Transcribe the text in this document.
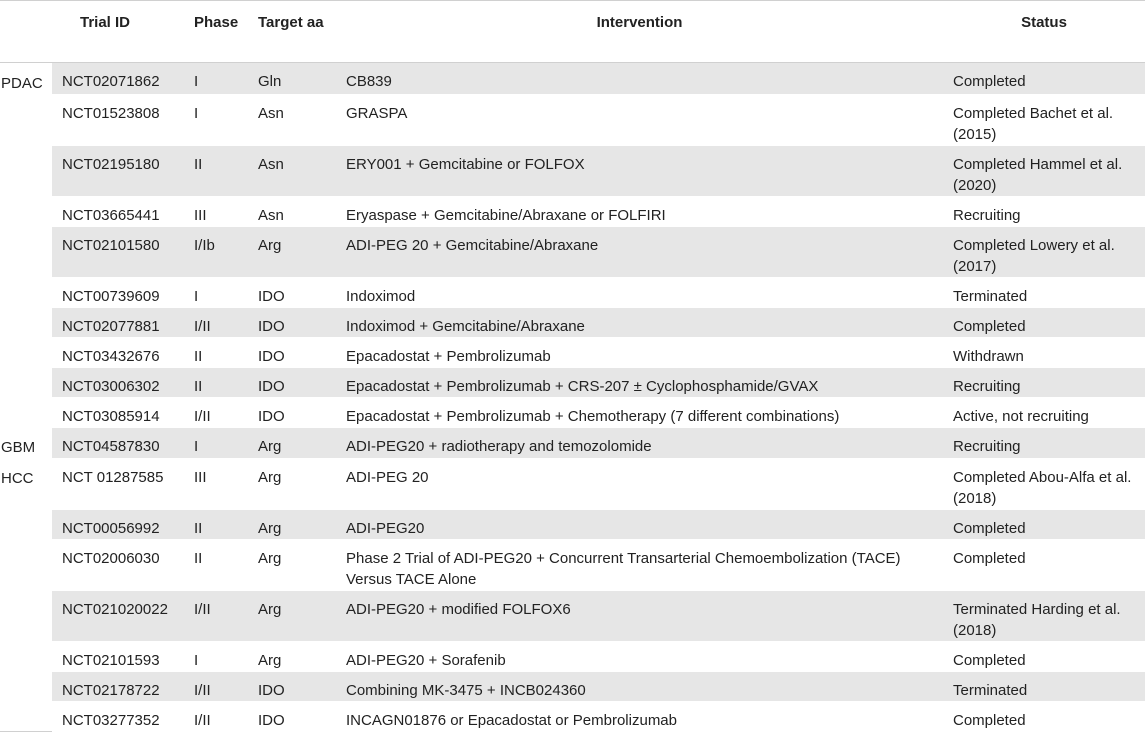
	Trial ID	Phase	Target aa	Intervention	Status
PDAC	NCT02071862	I	Gln	CB839	Completed
	NCT01523808	I	Asn	GRASPA	Completed Bachet et al. (2015)
	NCT02195180	II	Asn	ERY001 + Gemcitabine or FOLFOX	Completed Hammel et al. (2020)
	NCT03665441	III	Asn	Eryaspase + Gemcitabine/Abraxane or FOLFIRI	Recruiting
	NCT02101580	I/Ib	Arg	ADI-PEG 20 + Gemcitabine/Abraxane	Completed Lowery et al. (2017)
	NCT00739609	I	IDO	Indoximod	Terminated
	NCT02077881	I/II	IDO	Indoximod + Gemcitabine/Abraxane	Completed
	NCT03432676	II	IDO	Epacadostat + Pembrolizumab	Withdrawn
	NCT03006302	II	IDO	Epacadostat + Pembrolizumab + CRS-207 ± Cyclophosphamide/GVAX	Recruiting
	NCT03085914	I/II	IDO	Epacadostat + Pembrolizumab + Chemotherapy (7 different combinations)	Active, not recruiting
GBM	NCT04587830	I	Arg	ADI-PEG20 + radiotherapy and temozolomide	Recruiting
HCC	NCT 01287585	III	Arg	ADI-PEG 20	Completed Abou-Alfa et al. (2018)
	NCT00056992	II	Arg	ADI-PEG20	Completed
	NCT02006030	II	Arg	Phase 2 Trial of ADI-PEG20 + Concurrent Transarterial Chemoembolization (TACE) Versus TACE Alone	Completed
	NCT021020022	I/II	Arg	ADI-PEG20 + modified FOLFOX6	Terminated Harding et al. (2018)
	NCT02101593	I	Arg	ADI-PEG20 + Sorafenib	Completed
	NCT02178722	I/II	IDO	Combining MK-3475 + INCB024360	Terminated
	NCT03277352	I/II	IDO	INCAGN01876 or Epacadostat or Pembrolizumab	Completed
